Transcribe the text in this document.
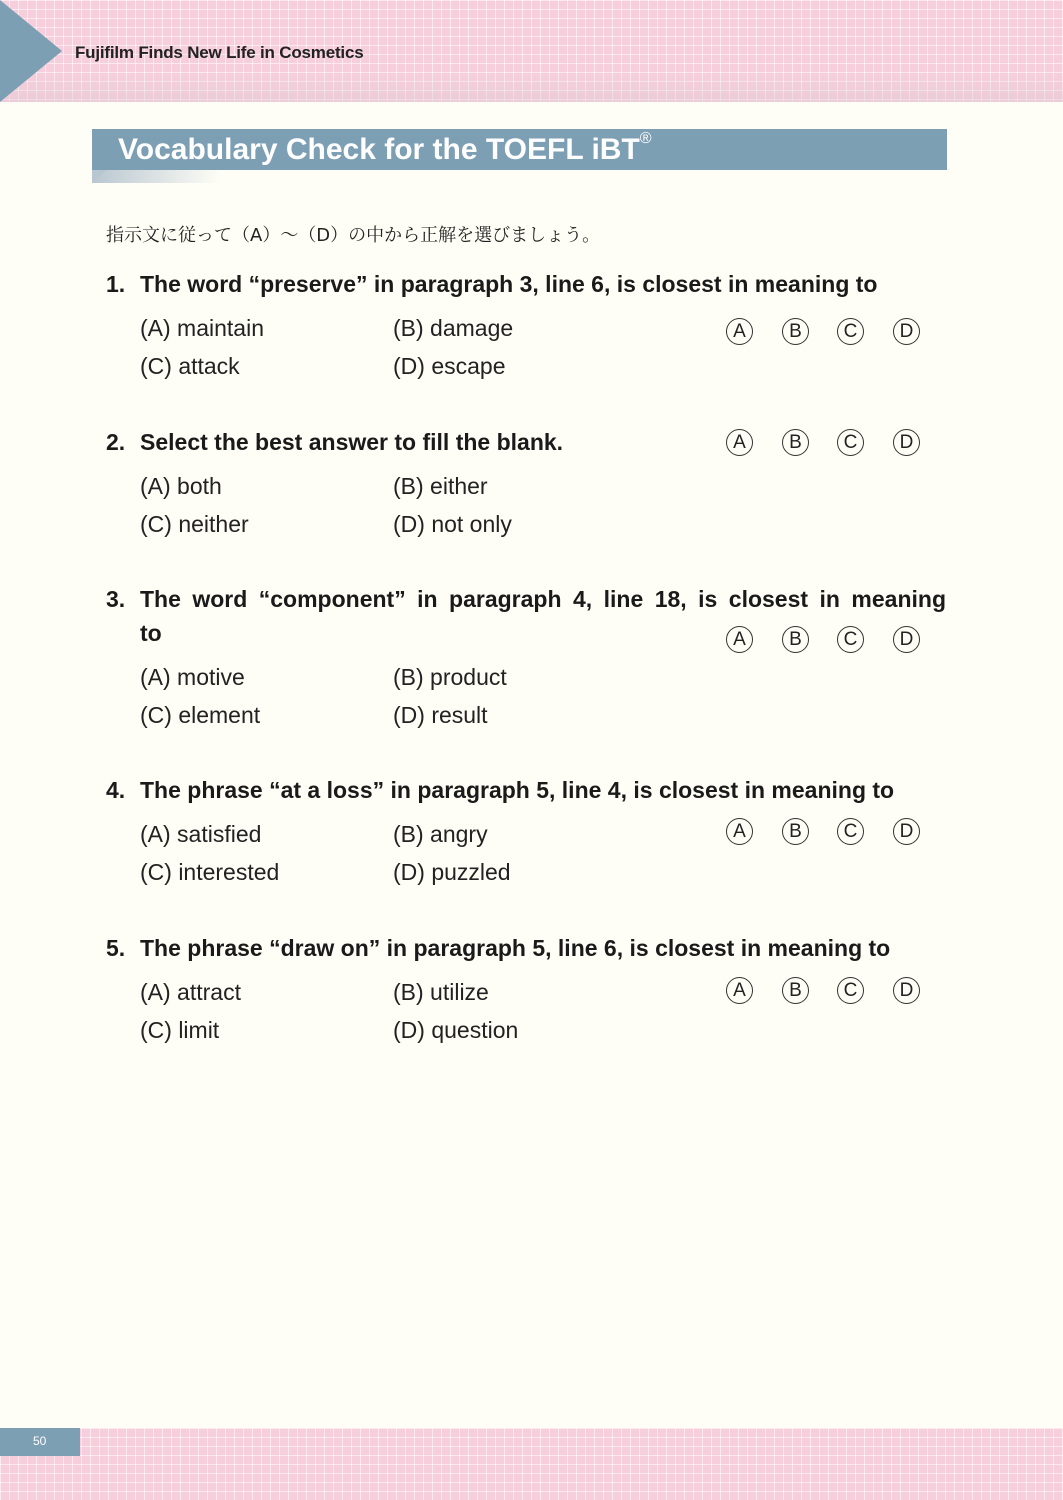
Fujifilm Finds New Life in Cosmetics
Vocabulary Check for the TOEFL iBT®
指示文に従って（A）～（D）の中から正解を選びましょう。
1. The word “preserve” in paragraph 3, line 6, is closest in meaning to
(A) maintain	(B) damage
(C) attack	(D) escape
A	B	C	D
2. Select the best answer to fill the blank.	A	B	C	D
(A) both	(B) either
(C) neither	(D) not only
3. The word “component” in paragraph 4, line 18, is closest in meaning
to	A	B	C	D
(A) motive	(B) product
(C) element	(D) result
4. The phrase “at a loss” in paragraph 5, line 4, is closest in meaning to
(A) satisfied	(B) angry
(C) interested	(D) puzzled
A	B	C	D
5. The phrase “draw on” in paragraph 5, line 6, is closest in meaning to
(A) attract	(B) utilize
(C) limit	(D) question
A	B	C	D
50
